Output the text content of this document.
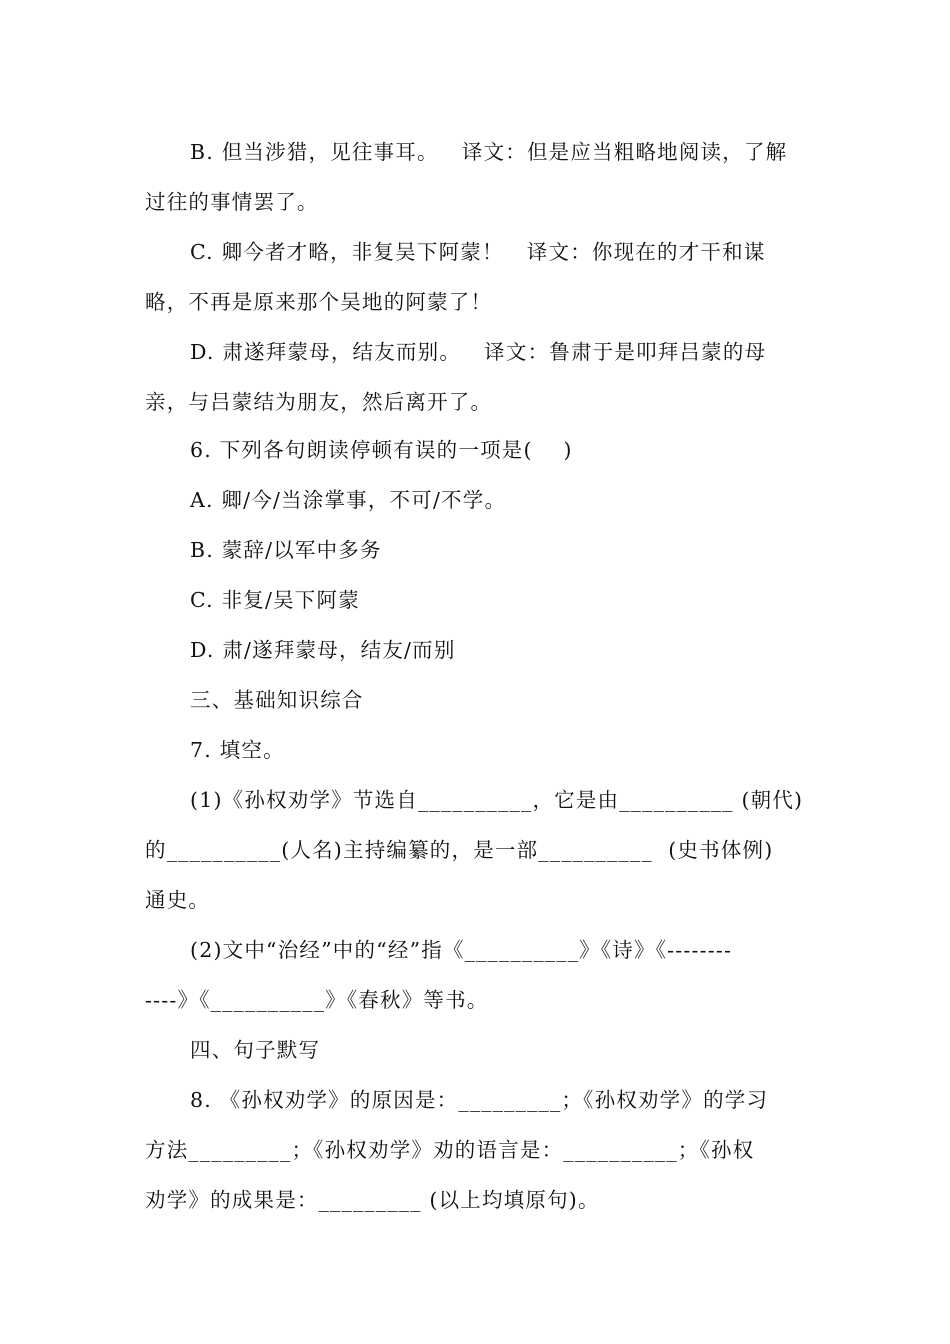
B. 但当涉猎，见往事耳。   译文：但是应当粗略地阅读，了解
过往的事情罢了。
C. 卿今者才略，非复吴下阿蒙！   译文：你现在的才干和谋
略，不再是原来那个吴地的阿蒙了！
D. 肃遂拜蒙母，结友而别。   译文：鲁肃于是叩拜吕蒙的母
亲，与吕蒙结为朋友，然后离开了。
6. 下列各句朗读停顿有误的一项是(    )
A. 卿/今/当涂掌事，不可/不学。
B. 蒙辞/以军中多务
C. 非复/吴下阿蒙
D. 肃/遂拜蒙母，结友/而别
三、基础知识综合
7. 填空。
(1)《孙权劝学》节选自__________，它是由__________ (朝代)
的__________(人名)主持编纂的，是一部__________  (史书体例)
通史。
(2)文中“治经”中的“经”指《__________》《诗》《--------
----》《__________》《春秋》等书。
四、句子默写
8. 《孙权劝学》的原因是：_________；《孙权劝学》的学习
方法_________；《孙权劝学》劝的语言是：__________；《孙权
劝学》的成果是：_________ (以上均填原句)。
